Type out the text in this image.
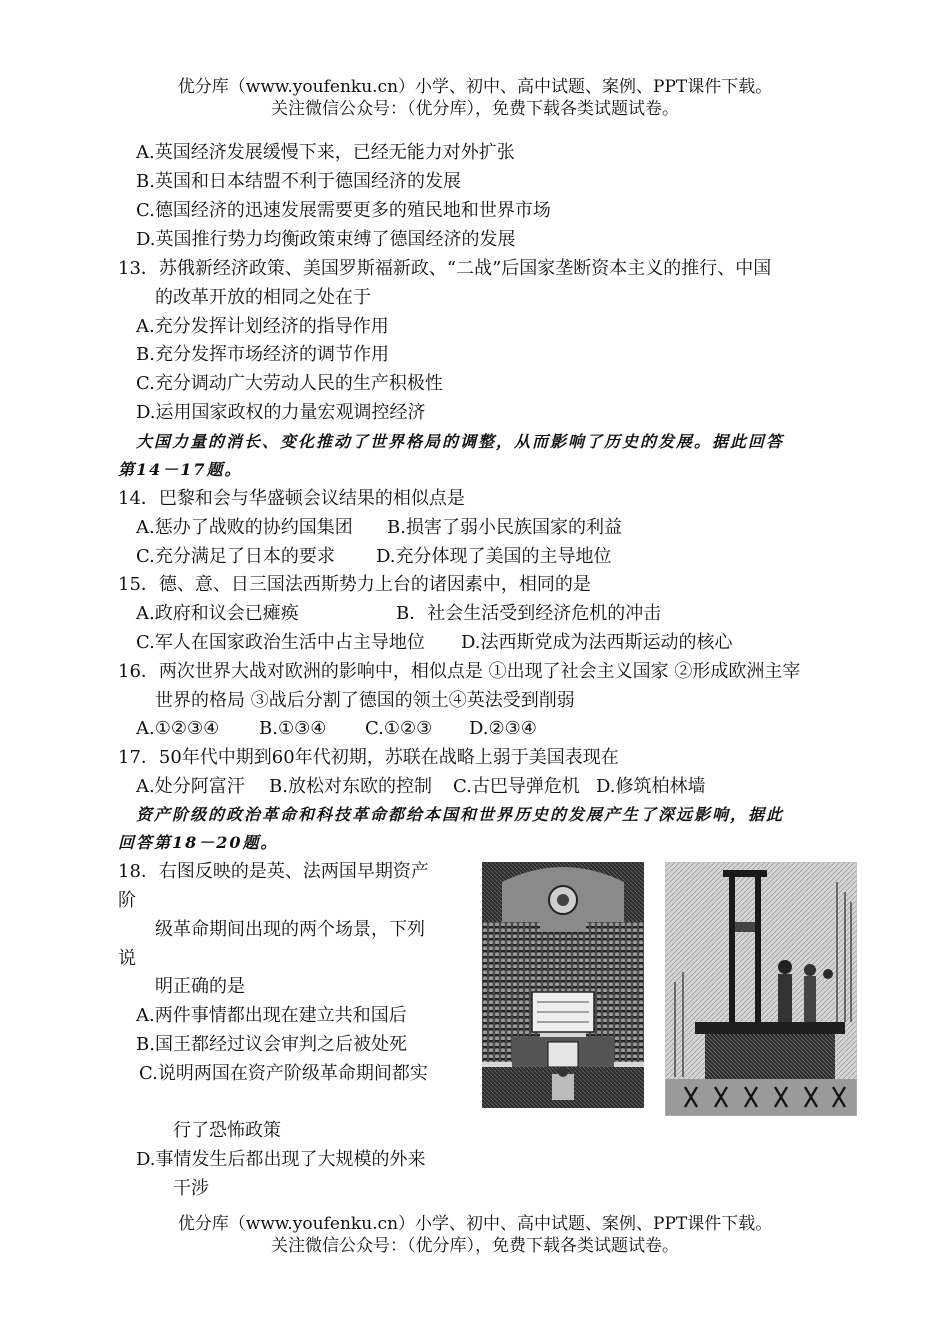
优分库（www.youfenku.cn）小学、初中、高中试题、案例、PPT课件下载。
关注微信公众号：（优分库），免费下载各类试题试卷。
A.英国经济发展缓慢下来，已经无能力对外扩张
B.英国和日本结盟不利于德国经济的发展
C.德国经济的迅速发展需要更多的殖民地和世界市场
D.英国推行势力均衡政策束缚了德国经济的发展
13．苏俄新经济政策、美国罗斯福新政、“二战”后国家垄断资本主义的推行、中国
的改革开放的相同之处在于
A.充分发挥计划经济的指导作用
B.充分发挥市场经济的调节作用
C.充分调动广大劳动人民的生产积极性
D.运用国家政权的力量宏观调控经济
大国力量的消长、变化推动了世界格局的调整，从而影响了历史的发展。据此回答
第14－17题。
14．巴黎和会与华盛顿会议结果的相似点是
A.惩办了战败的协约国集团 B.损害了弱小民族国家的利益
C.充分满足了日本的要求 D.充分体现了美国的主导地位
15．德、意、日三国法西斯势力上台的诸因素中，相同的是
A.政府和议会已瘫痪	B．社会生活受到经济危机的冲击
C.军人在国家政治生活中占主导地位 D.法西斯党成为法西斯运动的核心
16．两次世界大战对欧洲的影响中，相似点是 ①出现了社会主义国家 ②形成欧洲主宰
世界的格局 ③战后分割了德国的领土④英法受到削弱
A.①②③④ B.①③④ C.①②③ D.②③④
17．50年代中期到60年代初期，苏联在战略上弱于美国表现在
A.处分阿富汗 B.放松对东欧的控制 C.古巴导弹危机 D.修筑柏林墙
资产阶级的政治革命和科技革命都给本国和世界历史的发展产生了深远影响，据此
回答第18－20题。
18．右图反映的是英、法两国早期资产
阶
级革命期间出现的两个场景，下列
说
明正确的是
A.两件事情都出现在建立共和国后
B.国王都经过议会审判之后被处死
C.说明两国在资产阶级革命期间都实
行了恐怖政策
D.事情发生后都出现了大规模的外来
干涉
优分库（www.youfenku.cn）小学、初中、高中试题、案例、PPT课件下载。
关注微信公众号：（优分库），免费下载各类试题试卷。
